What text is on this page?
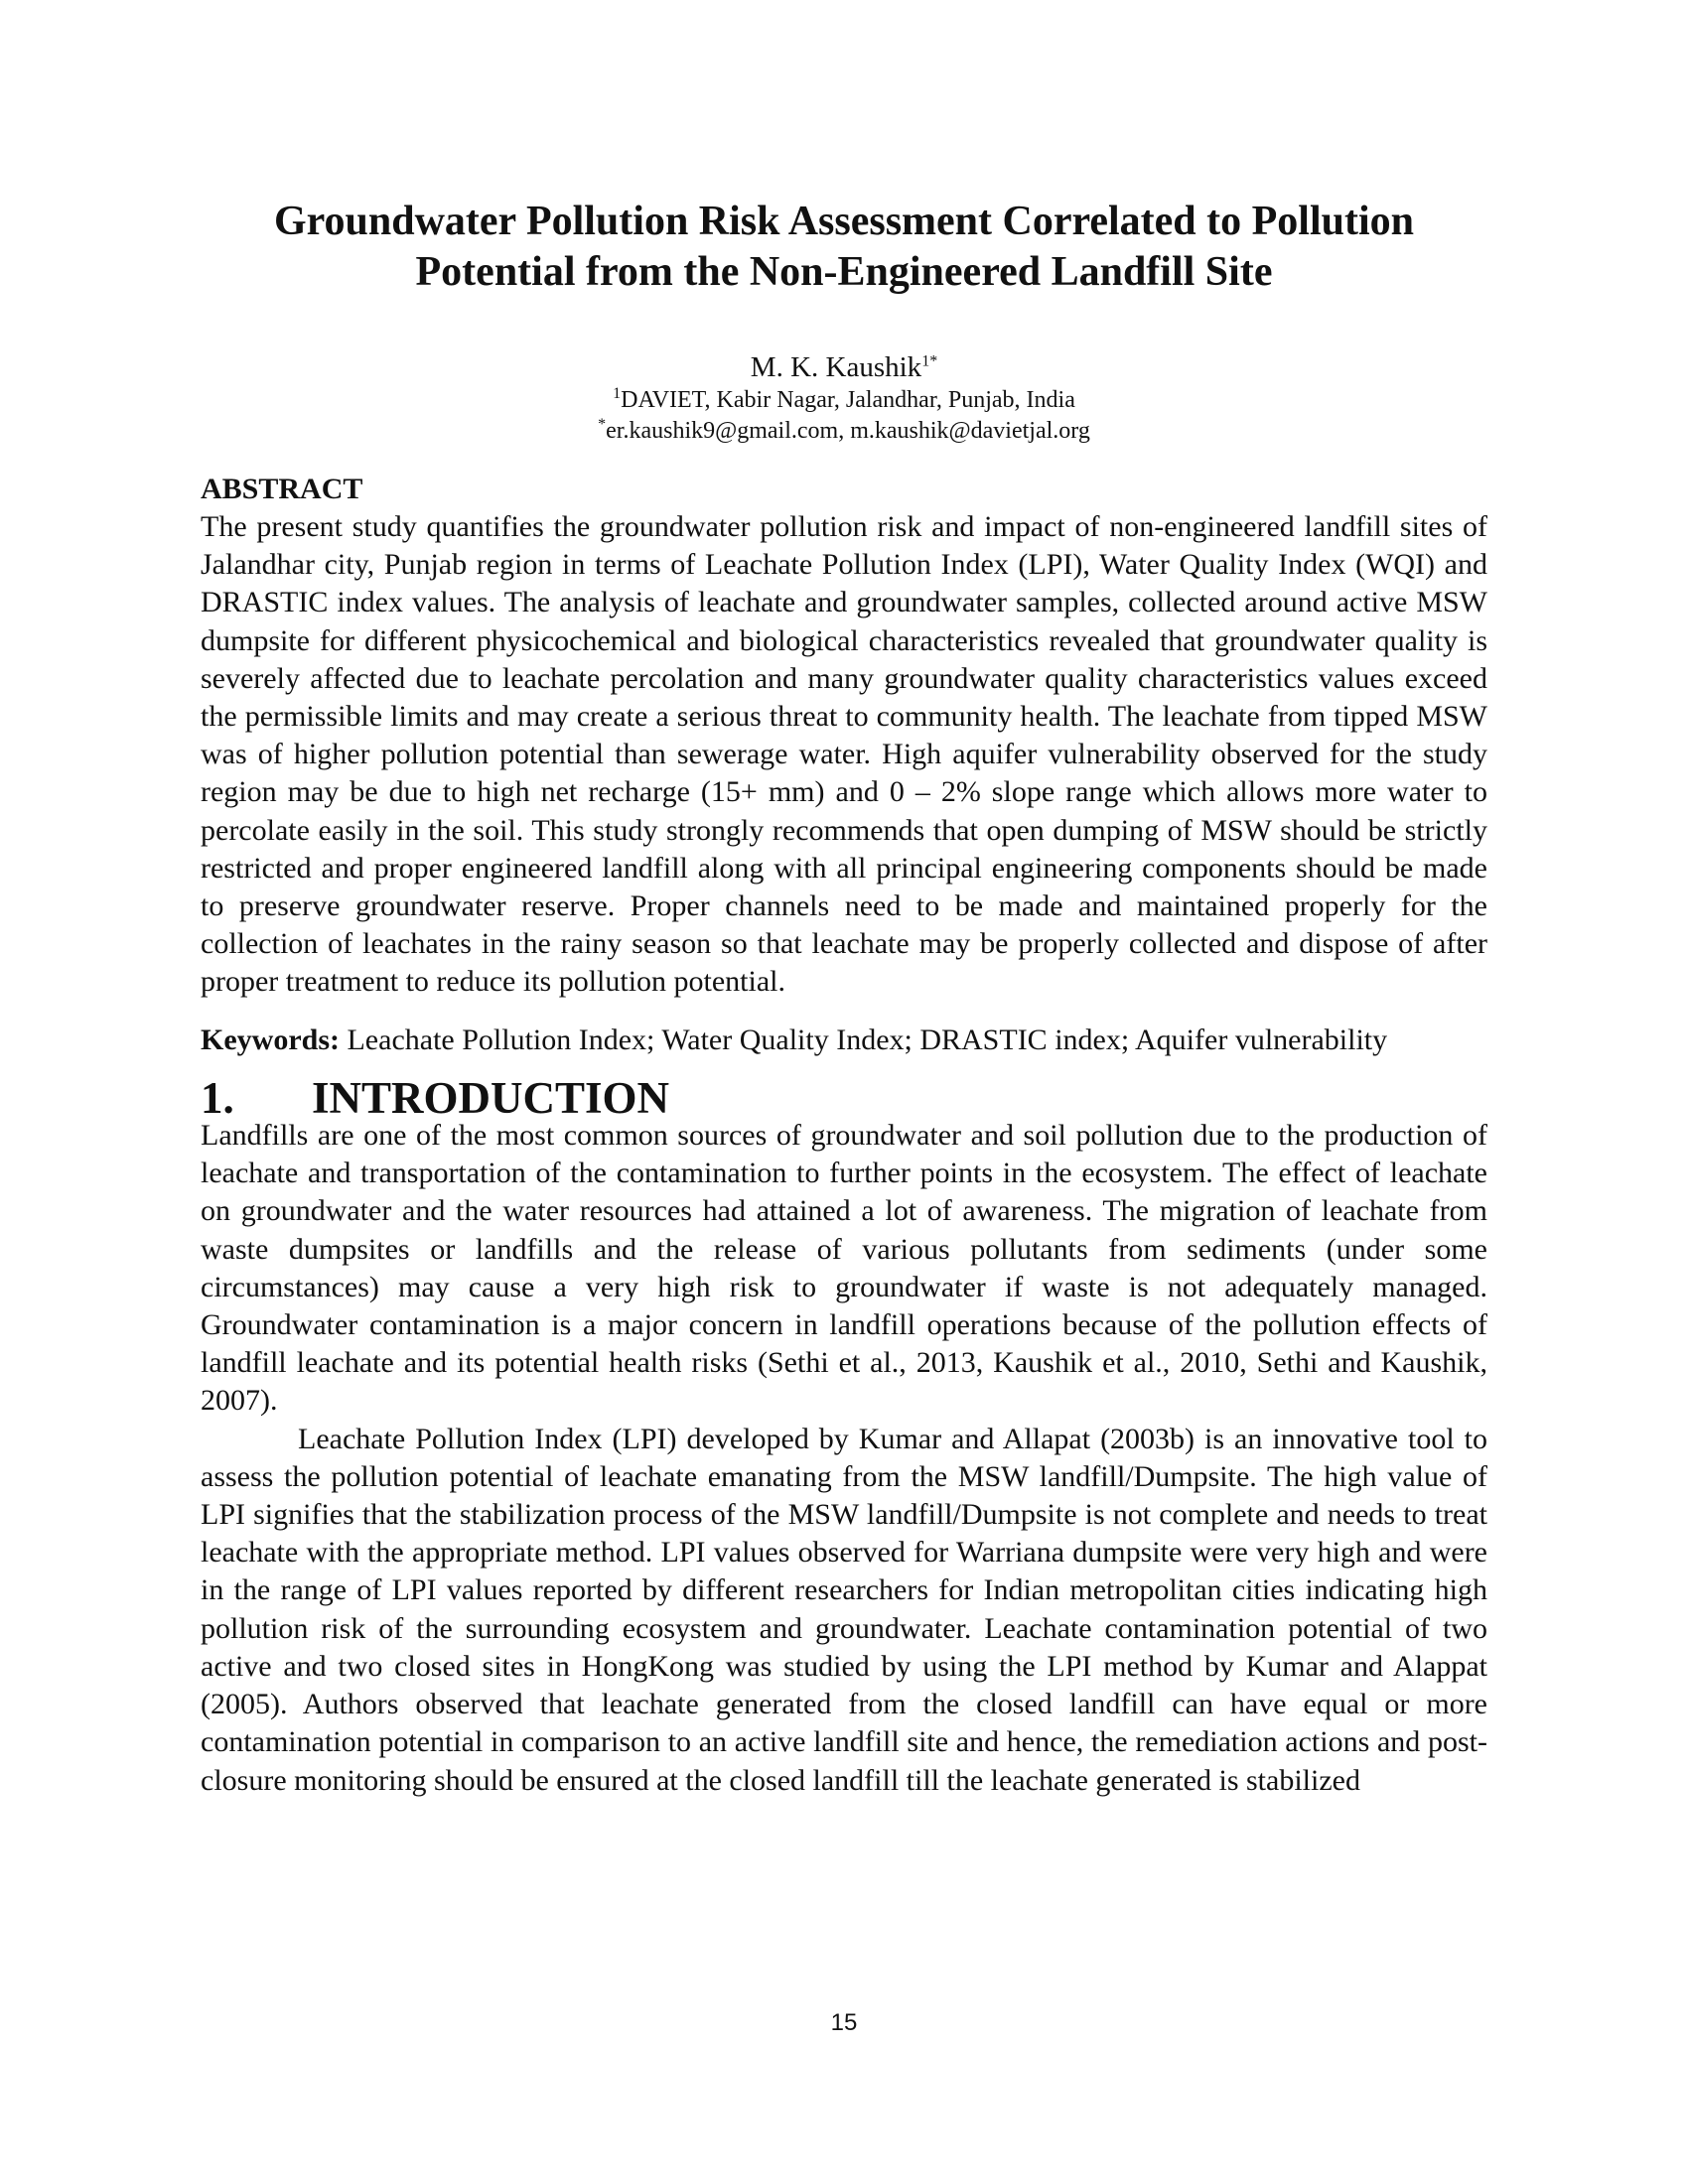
Groundwater Pollution Risk Assessment Correlated to Pollution Potential from the Non-Engineered Landfill Site
M. K. Kaushik$^{1*}$
$^1$DAVIET, Kabir Nagar, Jalandhar, Punjab, India
*er.kaushik9@gmail.com, m.kaushik@davietjal.org
ABSTRACT

The present study quantifies the groundwater pollution risk and impact of non-engineered landfill sites of Jalandhar city, Punjab region in terms of Leachate Pollution Index (LPI), Water Quality Index (WQI) and DRASTIC index values. The analysis of leachate and groundwater samples, collected around active MSW dumpsite for different physicochemical and biological characteristics revealed that groundwater quality is severely affected due to leachate percolation and many groundwater quality characteristics values exceed the permissible limits and may create a serious threat to community health. The leachate from tipped MSW was of higher pollution potential than sewerage water. High aquifer vulnerability observed for the study region may be due to high net recharge (15+ mm) and 0 – 2% slope range which allows more water to percolate easily in the soil. This study strongly recommends that open dumping of MSW should be strictly restricted and proper engineered landfill along with all principal engineering components should be made to preserve groundwater reserve. Proper channels need to be made and maintained properly for the collection of leachates in the rainy season so that leachate may be properly collected and dispose of after proper treatment to reduce its pollution potential.

Keywords: Leachate Pollution Index; Water Quality Index; DRASTIC index; Aquifer vulnerability

1.	INTRODUCTION

Landfills are one of the most common sources of groundwater and soil pollution due to the production of leachate and transportation of the contamination to further points in the ecosystem. The effect of leachate on groundwater and the water resources had attained a lot of awareness. The migration of leachate from waste dumpsites or landfills and the release of various pollutants from sediments (under some circumstances) may cause a very high risk to groundwater if waste is not adequately managed. Groundwater contamination is a major concern in landfill operations because of the pollution effects of landfill leachate and its potential health risks (Sethi et al., 2013, Kaushik et al., 2010, Sethi and Kaushik, 2007).

Leachate Pollution Index (LPI) developed by Kumar and Allapat (2003b) is an innovative tool to assess the pollution potential of leachate emanating from the MSW landfill/Dumpsite. The high value of LPI signifies that the stabilization process of the MSW landfill/Dumpsite is not complete and needs to treat leachate with the appropriate method. LPI values observed for Warriana dumpsite were very high and were in the range of LPI values reported by different researchers for Indian metropolitan cities indicating high pollution risk of the surrounding ecosystem and groundwater. Leachate contamination potential of two active and two closed sites in HongKong was studied by using the LPI method by Kumar and Alappat (2005). Authors observed that leachate generated from the closed landfill can have equal or more contamination potential in comparison to an active landfill site and hence, the remediation actions and post-closure monitoring should be ensured at the closed landfill till the leachate generated is stabilized

15
